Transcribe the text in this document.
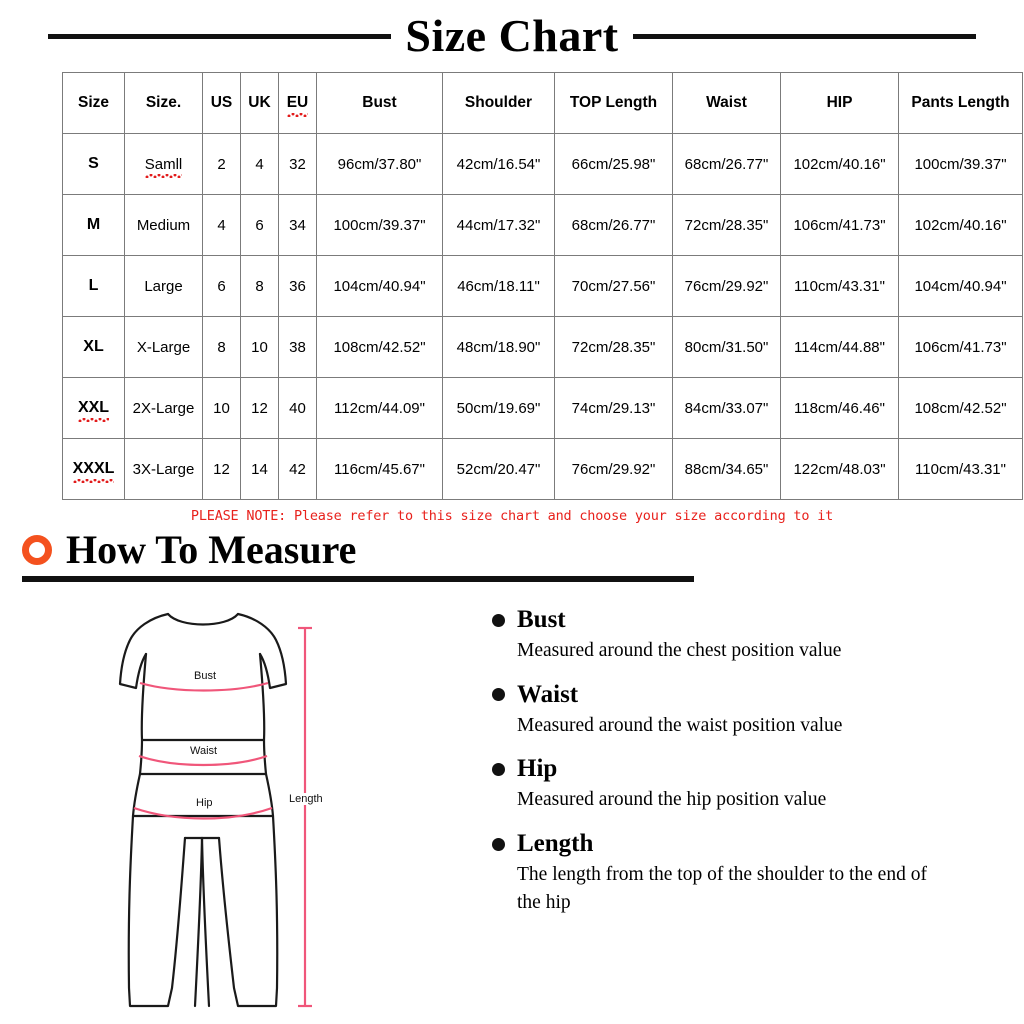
Size Chart
Size	Size.	US	UK	EU	Bust	Shoulder	TOP Length	Waist	HIP	Pants Length
S	Samll	2	4	32	96cm/37.80"	42cm/16.54"	66cm/25.98"	68cm/26.77"	102cm/40.16"	100cm/39.37"
M	Medium	4	6	34	100cm/39.37"	44cm/17.32"	68cm/26.77"	72cm/28.35"	106cm/41.73"	102cm/40.16"
L	Large	6	8	36	104cm/40.94"	46cm/18.11"	70cm/27.56"	76cm/29.92"	110cm/43.31"	104cm/40.94"
XL	X-Large	8	10	38	108cm/42.52"	48cm/18.90"	72cm/28.35"	80cm/31.50"	114cm/44.88"	106cm/41.73"
XXL	2X-Large	10	12	40	112cm/44.09"	50cm/19.69"	74cm/29.13"	84cm/33.07"	118cm/46.46"	108cm/42.52"
XXXL	3X-Large	12	14	42	116cm/45.67"	52cm/20.47"	76cm/29.92"	88cm/34.65"	122cm/48.03"	110cm/43.31"
PLEASE NOTE: Please refer to this size chart and choose your size according to it
How To Measure
Bust
Waist
Hip	Length
Bust
Measured around the chest position value
Waist
Measured around the waist position value
Hip
Measured around the hip position value
Length
The length from the top of the shoulder to the end of the hip
